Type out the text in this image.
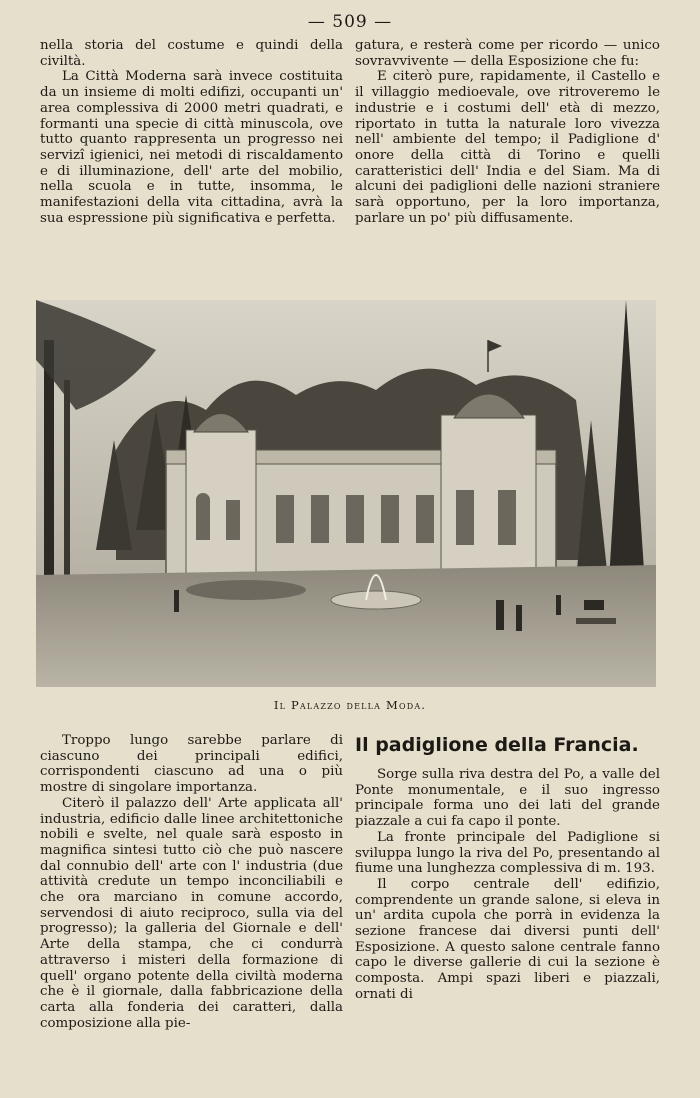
— 509 —

nella storia del costume e quindi della civiltà.

La Città Moderna sarà invece costituita da un insieme di molti edifizi, occupanti un' area complessiva di 2000 metri quadrati, e formanti una specie di città minuscola, ove tutto quanto rappresenta un progresso nei servizî igienici, nei metodi di riscaldamento e di illuminazione, dell' arte del mobilio, nella scuola e in tutte, insomma, le manifestazioni della vita cittadina, avrà la sua espressione più significativa e perfetta.

gatura, e resterà come per ricordo — unico sovravvivente — della Esposizione che fu:

E citerò pure, rapidamente, il Castello e il villaggio medioevale, ove ritroveremo le industrie e i costumi dell' età di mezzo, riportato in tutta la naturale loro vivezza nell' ambiente del tempo; il Padiglione d' onore della città di Torino e quelli caratteristici dell' India e del Siam. Ma di alcuni dei padiglioni delle nazioni straniere sarà opportuno, per la loro importanza, parlare un po' più diffusamente.

Il Palazzo della Moda.

Troppo lungo sarebbe parlare di ciascuno dei principali edifici, corrispondenti ciascuno ad una o più mostre di singolare importanza.

Citerò il palazzo dell' Arte applicata all' industria, edificio dalle linee architettoniche nobili e svelte, nel quale sarà esposto in magnifica sintesi tutto ciò che può nascere dal connubio dell' arte con l' industria (due attività credute un tempo inconciliabili e che ora marciano in comune accordo, servendosi di aiuto reciproco, sulla via del progresso); la galleria del Giornale e dell' Arte della stampa, che ci condurrà attraverso i misteri della formazione di quell' organo potente della civiltà moderna che è il giornale, dalla fabbricazione della carta alla fonderia dei caratteri, dalla composizione alla pie-

Il padiglione della Francia.

Sorge sulla riva destra del Po, a valle del Ponte monumentale, e il suo ingresso principale forma uno dei lati del grande piazzale a cui fa capo il ponte.

La fronte principale del Padiglione si sviluppa lungo la riva del Po, presentando al fiume una lunghezza complessiva di m. 193.

Il corpo centrale dell' edifizio, comprendente un grande salone, si eleva in un' ardita cupola che porrà in evidenza la sezione francese dai diversi punti dell' Esposizione. A questo salone centrale fanno capo le diverse gallerie di cui la sezione è composta. Ampi spazi liberi e piazzali, ornati di
